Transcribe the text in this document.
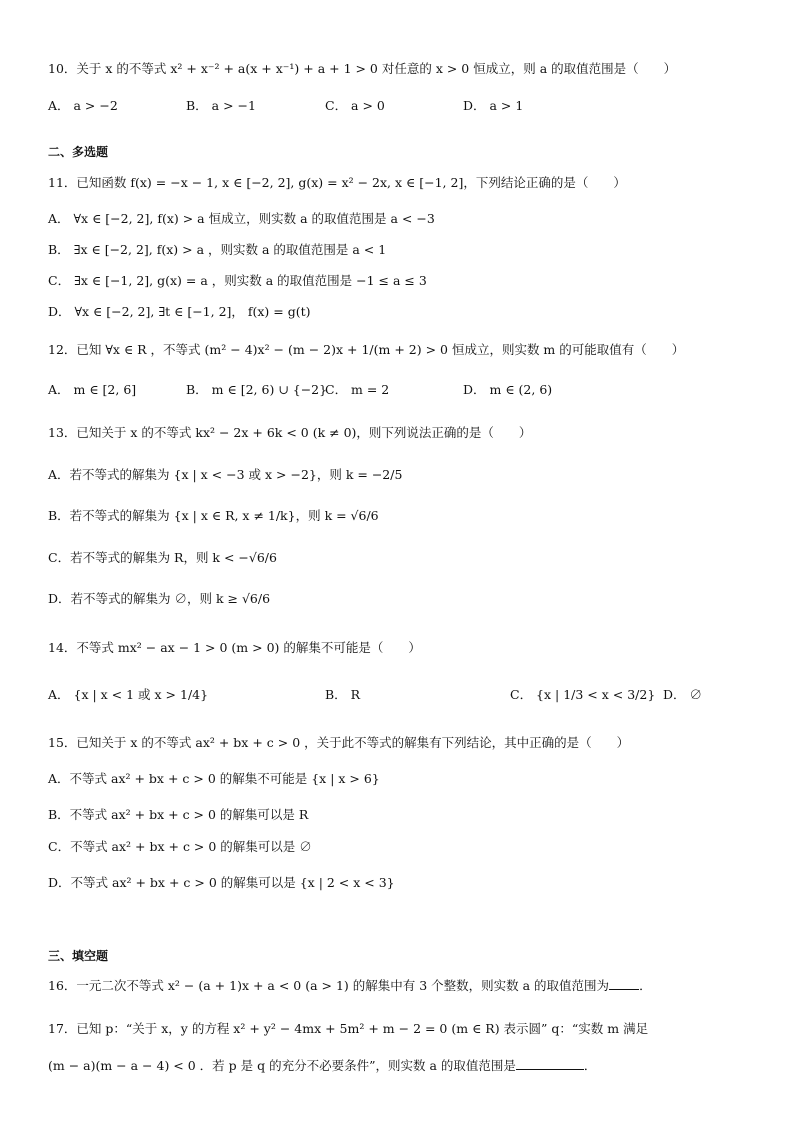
10．关于 x 的不等式 x² + x⁻² + a(x + x⁻¹) + a + 1 > 0 对任意的 x > 0 恒成立，则 a 的取值范围是（　　）
A． a > −2	B． a > −1	C． a > 0	D． a > 1
二、多选题
11．已知函数 f(x) = −x − 1, x ∈ [−2, 2], g(x) = x² − 2x, x ∈ [−1, 2]，下列结论正确的是（　　）
A． ∀x ∈ [−2, 2], f(x) > a 恒成立，则实数 a 的取值范围是 a < −3
B． ∃x ∈ [−2, 2], f(x) > a ，则实数 a 的取值范围是 a < 1
C． ∃x ∈ [−1, 2], g(x) = a ，则实数 a 的取值范围是 −1 ≤ a ≤ 3
D． ∀x ∈ [−2, 2], ∃t ∈ [−1, 2]， f(x) = g(t)
12．已知 ∀x ∈ R ，不等式 (m² − 4)x² − (m − 2)x + 1/(m + 2) > 0 恒成立，则实数 m 的可能取值有（　　）
A． m ∈ [2, 6]	B． m ∈ [2, 6) ∪ {−2}
C． m = 2	D． m ∈ (2, 6)
13．已知关于 x 的不等式 kx² − 2x + 6k < 0 (k ≠ 0)，则下列说法正确的是（　　）
A．若不等式的解集为 {x | x < −3 或 x > −2}，则 k = −2/5
B．若不等式的解集为 {x | x ∈ R, x ≠ 1/k}，则 k = √6/6
C．若不等式的解集为 R，则 k < −√6/6
D．若不等式的解集为 ∅，则 k ≥ √6/6
14．不等式 mx² − ax − 1 > 0 (m > 0) 的解集不可能是（　　）
A． {x | x < 1 或 x > 1/4}	B． R	C． {x | 1/3 < x < 3/2} D． ∅
15．已知关于 x 的不等式 ax² + bx + c > 0 ，关于此不等式的解集有下列结论，其中正确的是（　　）
A．不等式 ax² + bx + c > 0 的解集不可能是 {x | x > 6}
B．不等式 ax² + bx + c > 0 的解集可以是 R
C．不等式 ax² + bx + c > 0 的解集可以是 ∅
D．不等式 ax² + bx + c > 0 的解集可以是 {x | 2 < x < 3}
三、填空题
16．一元二次不等式 x² − (a + 1)x + a < 0 (a > 1) 的解集中有 3 个整数，则实数 a 的取值范围为 ．
17．已知 p：“关于 x，y 的方程 x² + y² − 4mx + 5m² + m − 2 = 0 (m ∈ R) 表示圆” q：“实数 m 满足
(m − a)(m − a − 4) < 0 ．若 p 是 q 的充分不必要条件”，则实数 a 的取值范围是	．
